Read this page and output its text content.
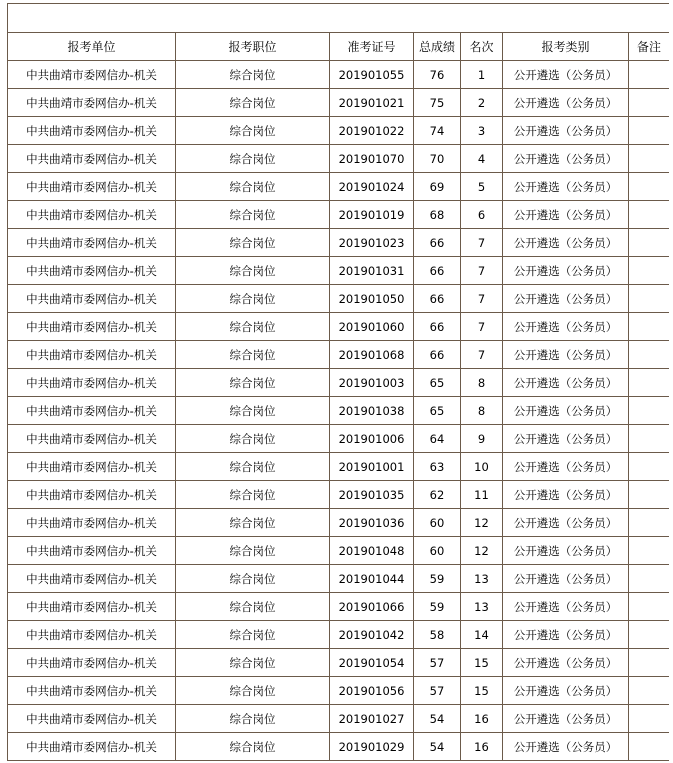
报考单位	报考职位	准考证号	总成绩	名次	报考类别	备注
中共曲靖市委网信办-机关	综合岗位	201901055	76	1	公开遴选（公务员）	
中共曲靖市委网信办-机关	综合岗位	201901021	75	2	公开遴选（公务员）	
中共曲靖市委网信办-机关	综合岗位	201901022	74	3	公开遴选（公务员）	
中共曲靖市委网信办-机关	综合岗位	201901070	70	4	公开遴选（公务员）	
中共曲靖市委网信办-机关	综合岗位	201901024	69	5	公开遴选（公务员）	
中共曲靖市委网信办-机关	综合岗位	201901019	68	6	公开遴选（公务员）	
中共曲靖市委网信办-机关	综合岗位	201901023	66	7	公开遴选（公务员）	
中共曲靖市委网信办-机关	综合岗位	201901031	66	7	公开遴选（公务员）	
中共曲靖市委网信办-机关	综合岗位	201901050	66	7	公开遴选（公务员）	
中共曲靖市委网信办-机关	综合岗位	201901060	66	7	公开遴选（公务员）	
中共曲靖市委网信办-机关	综合岗位	201901068	66	7	公开遴选（公务员）	
中共曲靖市委网信办-机关	综合岗位	201901003	65	8	公开遴选（公务员）	
中共曲靖市委网信办-机关	综合岗位	201901038	65	8	公开遴选（公务员）	
中共曲靖市委网信办-机关	综合岗位	201901006	64	9	公开遴选（公务员）	
中共曲靖市委网信办-机关	综合岗位	201901001	63	10	公开遴选（公务员）	
中共曲靖市委网信办-机关	综合岗位	201901035	62	11	公开遴选（公务员）	
中共曲靖市委网信办-机关	综合岗位	201901036	60	12	公开遴选（公务员）	
中共曲靖市委网信办-机关	综合岗位	201901048	60	12	公开遴选（公务员）	
中共曲靖市委网信办-机关	综合岗位	201901044	59	13	公开遴选（公务员）	
中共曲靖市委网信办-机关	综合岗位	201901066	59	13	公开遴选（公务员）	
中共曲靖市委网信办-机关	综合岗位	201901042	58	14	公开遴选（公务员）	
中共曲靖市委网信办-机关	综合岗位	201901054	57	15	公开遴选（公务员）	
中共曲靖市委网信办-机关	综合岗位	201901056	57	15	公开遴选（公务员）	
中共曲靖市委网信办-机关	综合岗位	201901027	54	16	公开遴选（公务员）	
中共曲靖市委网信办-机关	综合岗位	201901029	54	16	公开遴选（公务员）	
